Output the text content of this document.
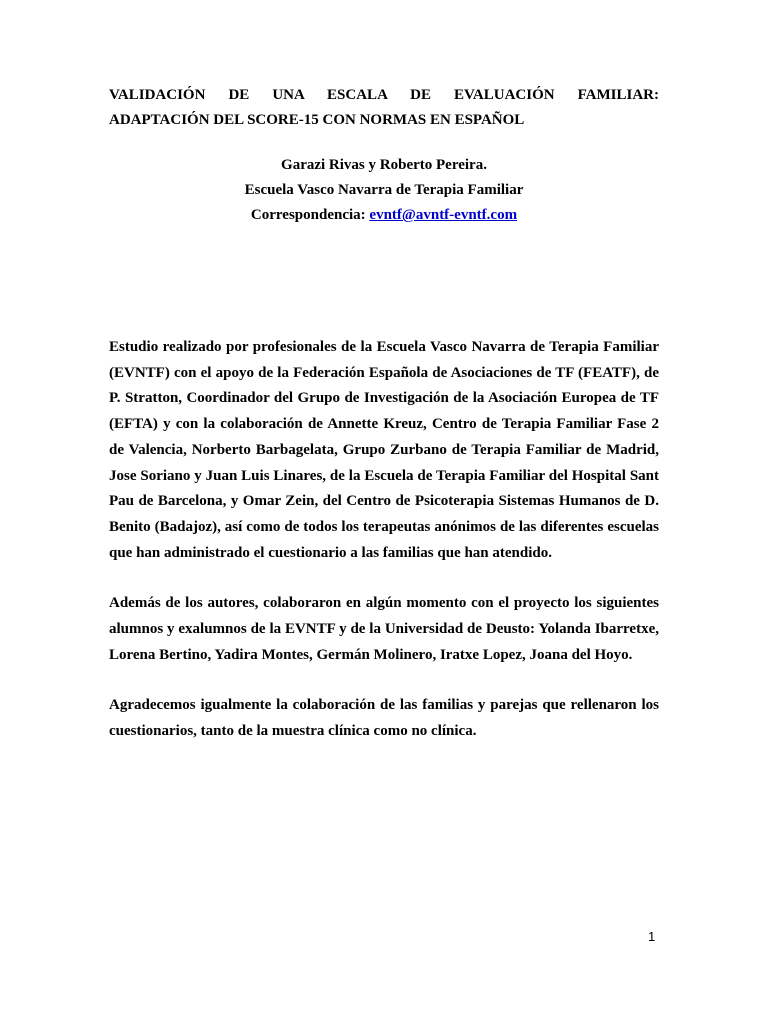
VALIDACIÓN DE UNA ESCALA DE EVALUACIÓN FAMILIAR:

ADAPTACIÓN DEL SCORE-15 CON NORMAS EN ESPAÑOL

Garazi Rivas y Roberto Pereira.
Escuela Vasco Navarra de Terapia Familiar
Correspondencia: evntf@avntf-evntf.com

Estudio realizado por profesionales de la Escuela Vasco Navarra de Terapia Familiar (EVNTF) con el apoyo de la Federación Española de Asociaciones de TF (FEATF), de P. Stratton, Coordinador del Grupo de Investigación de la Asociación Europea de TF (EFTA) y con la colaboración de Annette Kreuz, Centro de Terapia Familiar Fase 2 de Valencia, Norberto Barbagelata, Grupo Zurbano de Terapia Familiar de Madrid, Jose Soriano y Juan Luis Linares, de la Escuela de Terapia Familiar del Hospital Sant Pau de Barcelona, y Omar Zein, del Centro de Psicoterapia Sistemas Humanos de D. Benito (Badajoz), así como de todos los terapeutas anónimos de las diferentes escuelas que han administrado el cuestionario a las familias que han atendido.

Además de los autores, colaboraron en algún momento con el proyecto los siguientes alumnos y exalumnos de la EVNTF y de la Universidad de Deusto: Yolanda Ibarretxe, Lorena Bertino, Yadira Montes, Germán Molinero, Iratxe Lopez, Joana del Hoyo.

Agradecemos igualmente la colaboración de las familias y parejas que rellenaron los cuestionarios, tanto de la muestra clínica como no clínica.

1
